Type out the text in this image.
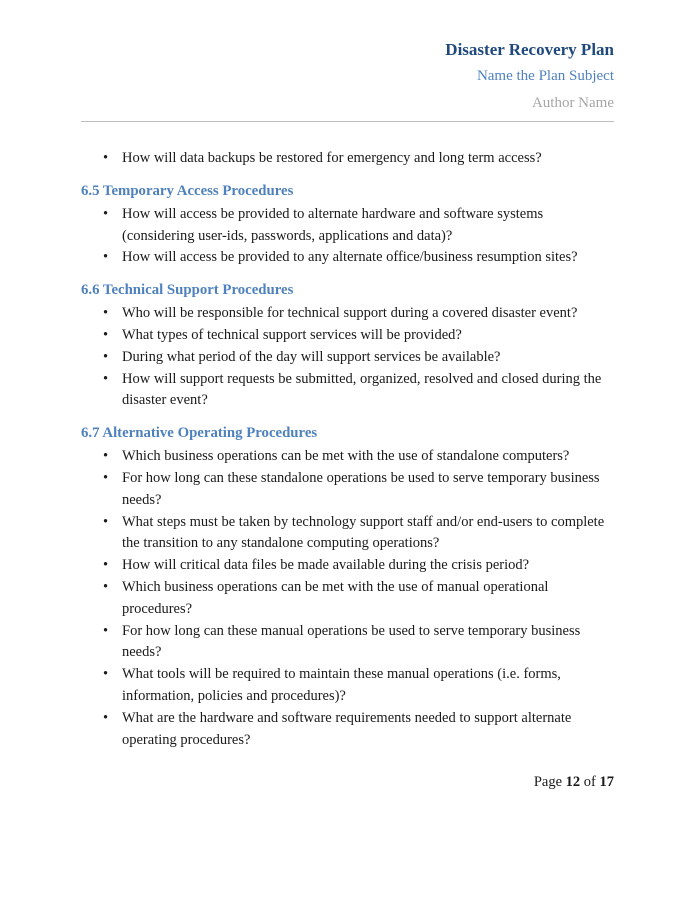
Disaster Recovery Plan
Name the Plan Subject
Author Name
• How will data backups be restored for emergency and long term access?
6.5 Temporary Access Procedures
• How will access be provided to alternate hardware and software systems (considering user-ids, passwords, applications and data)?
• How will access be provided to any alternate office/business resumption sites?
6.6 Technical Support Procedures
• Who will be responsible for technical support during a covered disaster event?
• What types of technical support services will be provided?
• During what period of the day will support services be available?
• How will support requests be submitted, organized, resolved and closed during the disaster event?
6.7 Alternative Operating Procedures
• Which business operations can be met with the use of standalone computers?
• For how long can these standalone operations be used to serve temporary business needs?
• What steps must be taken by technology support staff and/or end-users to complete the transition to any standalone computing operations?
• How will critical data files be made available during the crisis period?
• Which business operations can be met with the use of manual operational procedures?
• For how long can these manual operations be used to serve temporary business needs?
• What tools will be required to maintain these manual operations (i.e. forms, information, policies and procedures)?
• What are the hardware and software requirements needed to support alternate operating procedures?
Page 12 of 17
